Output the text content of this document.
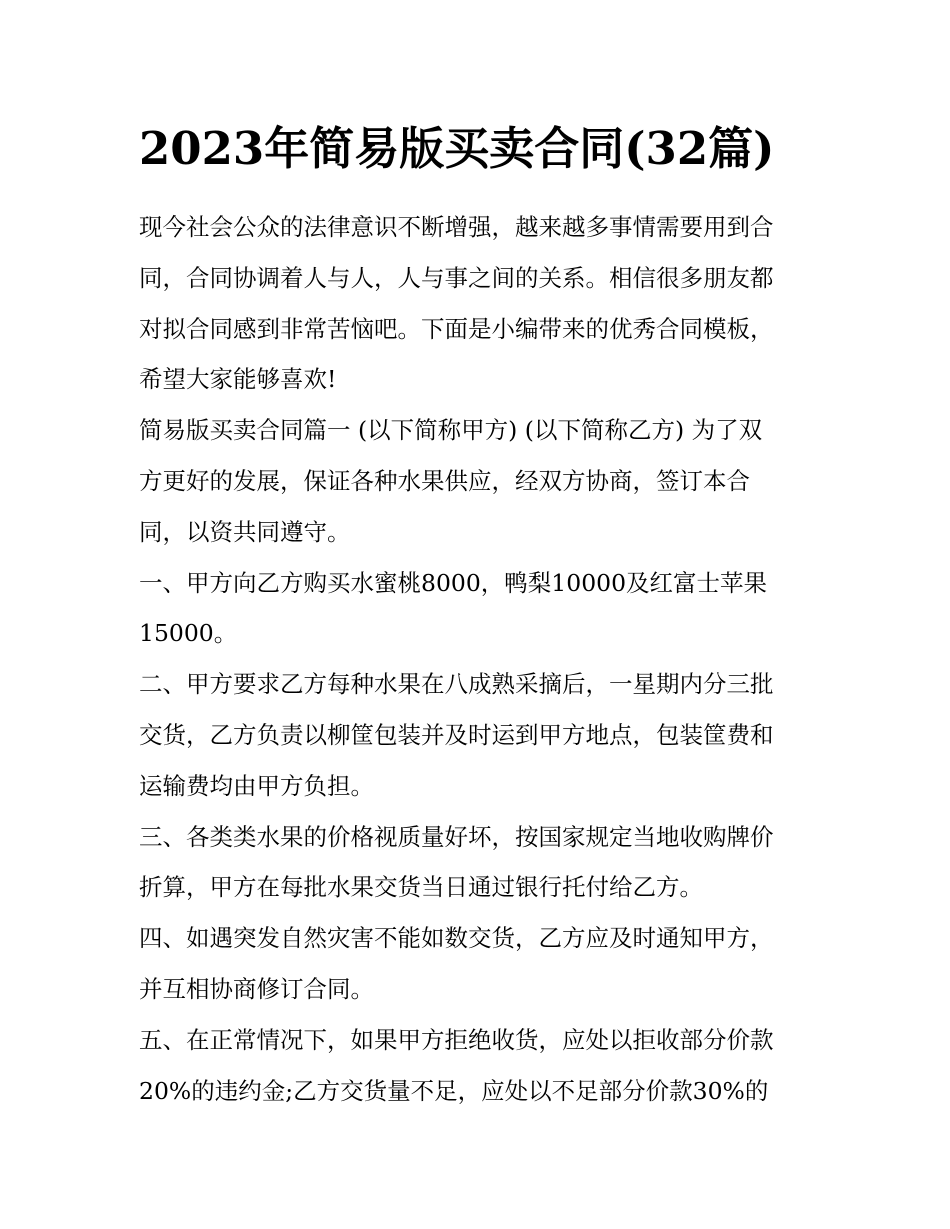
2023年简易版买卖合同(32篇)
现今社会公众的法律意识不断增强，越来越多事情需要用到合
同，合同协调着人与人，人与事之间的关系。相信很多朋友都
对拟合同感到非常苦恼吧。下面是小编带来的优秀合同模板，
希望大家能够喜欢!
简易版买卖合同篇一 (以下简称甲方) (以下简称乙方) 为了双
方更好的发展，保证各种水果供应，经双方协商，签订本合
同，以资共同遵守。
一、甲方向乙方购买水蜜桃8000，鸭梨10000及红富士苹果
15000。
二、甲方要求乙方每种水果在八成熟采摘后，一星期内分三批
交货，乙方负责以柳筐包装并及时运到甲方地点，包装筐费和
运输费均由甲方负担。
三、各类类水果的价格视质量好坏，按国家规定当地收购牌价
折算，甲方在每批水果交货当日通过银行托付给乙方。
四、如遇突发自然灾害不能如数交货，乙方应及时通知甲方，
并互相协商修订合同。
五、在正常情况下，如果甲方拒绝收货，应处以拒收部分价款
20%的违约金;乙方交货量不足，应处以不足部分价款30%的
